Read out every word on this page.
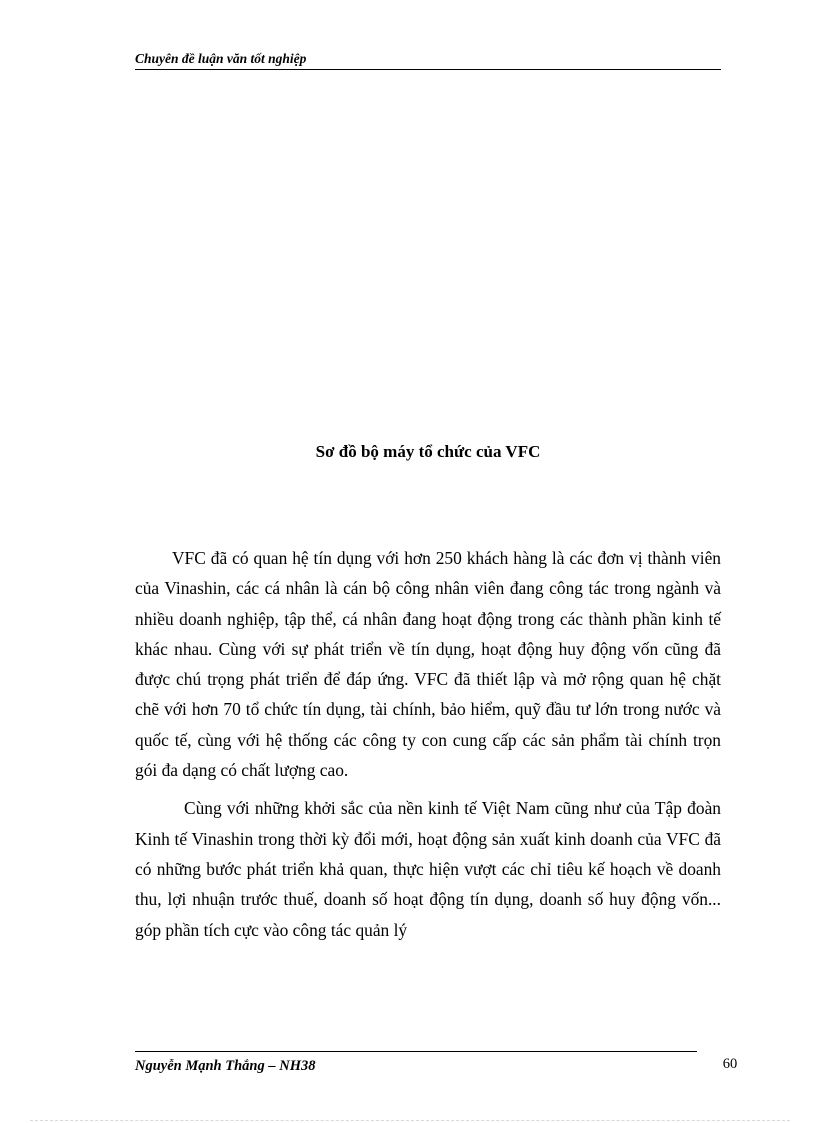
Chuyên đề luận văn tốt nghiệp
Sơ đồ bộ máy tổ chức của VFC

VFC đã có quan hệ tín dụng với hơn 250 khách hàng là các đơn vị thành viên của Vinashin, các cá nhân là cán bộ công nhân viên đang công tác trong ngành và nhiều doanh nghiệp, tập thể, cá nhân đang hoạt động trong các thành phần kinh tế khác nhau. Cùng với sự phát triển về tín dụng, hoạt động huy động vốn cũng đã được chú trọng phát triển để đáp ứng. VFC đã thiết lập và mở rộng quan hệ chặt chẽ với hơn 70 tổ chức tín dụng, tài chính, bảo hiểm, quỹ đầu tư lớn trong nước và quốc tế, cùng với hệ thống các công ty con cung cấp các sản phẩm tài chính trọn gói đa dạng có chất lượng cao.

Cùng với những khởi sắc của nền kinh tế Việt Nam cũng như của Tập đoàn Kinh tế Vinashin trong thời kỳ đổi mới, hoạt động sản xuất kinh doanh của VFC đã có những bước phát triển khả quan, thực hiện vượt các chỉ tiêu kế hoạch về doanh thu, lợi nhuận trước thuế, doanh số hoạt động tín dụng, doanh số huy động vốn... góp phần tích cực vào công tác quản lý

Nguyễn Mạnh Thắng – NH38	60
